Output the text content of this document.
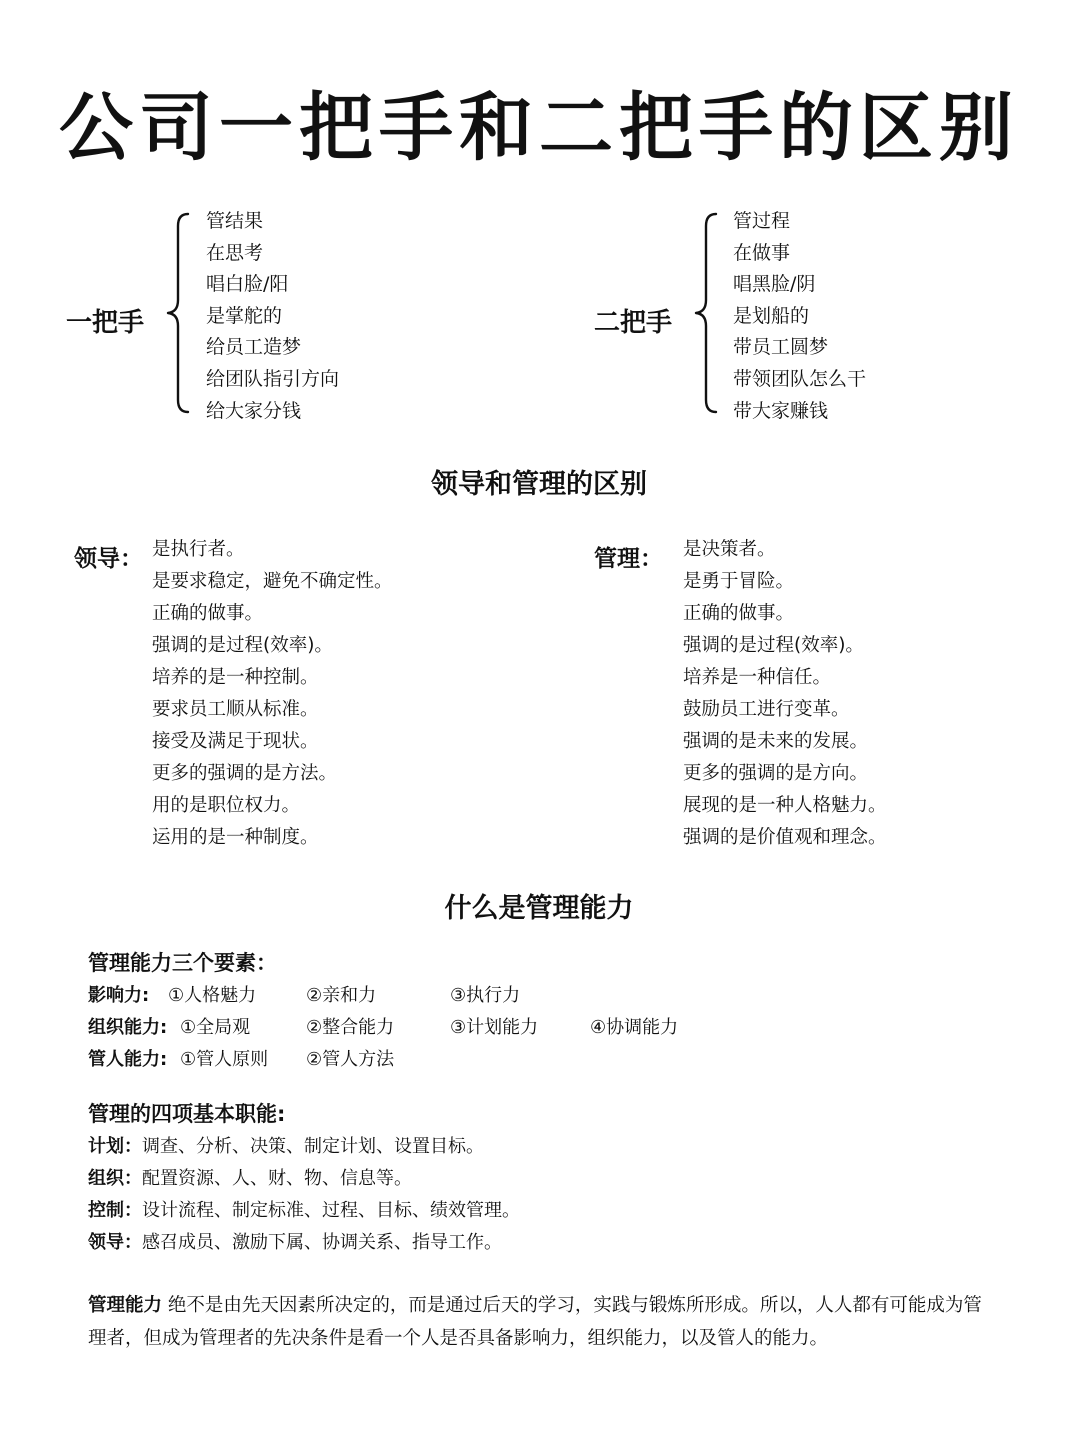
公司一把手和二把手的区别
一把手
管结果
在思考
唱白脸/阳
是掌舵的
给员工造梦
给团队指引方向
给大家分钱
二把手
管过程
在做事
唱黑脸/阴
是划船的
带员工圆梦
带领团队怎么干
带大家赚钱
领导和管理的区别
领导： 是执行者。
是要求稳定，避免不确定性。
正确的做事。
强调的是过程(效率)。
培养的是一种控制。
要求员工顺从标准。
接受及满足于现状。
更多的强调的是方法。
用的是职位权力。
运用的是一种制度。
管理： 是决策者。
是勇于冒险。
正确的做事。
强调的是过程(效率)。
培养是一种信任。
鼓励员工进行变革。
强调的是未来的发展。
更多的强调的是方向。
展现的是一种人格魅力。
强调的是价值观和理念。
什么是管理能力
管理能力三个要素：
影响力: ①人格魅力	②亲和力	③执行力
组织能力: ①全局观	②整合能力	③计划能力	④协调能力
管人能力: ①管人原则 ②管人方法
管理的四项基本职能:
计划：调查、分析、决策、制定计划、设置目标。
组织：配置资源、人、财、物、信息等。
控制：设计流程、制定标准、过程、目标、绩效管理。
领导：感召成员、激励下属、协调关系、指导工作。
管理能力 绝不是由先天因素所决定的，而是通过后天的学习，实践与锻炼所形成。所以，人人都有可能成为管理者，但成为管理者的先决条件是看一个人是否具备影响力，组织能力，以及管人的能力。
